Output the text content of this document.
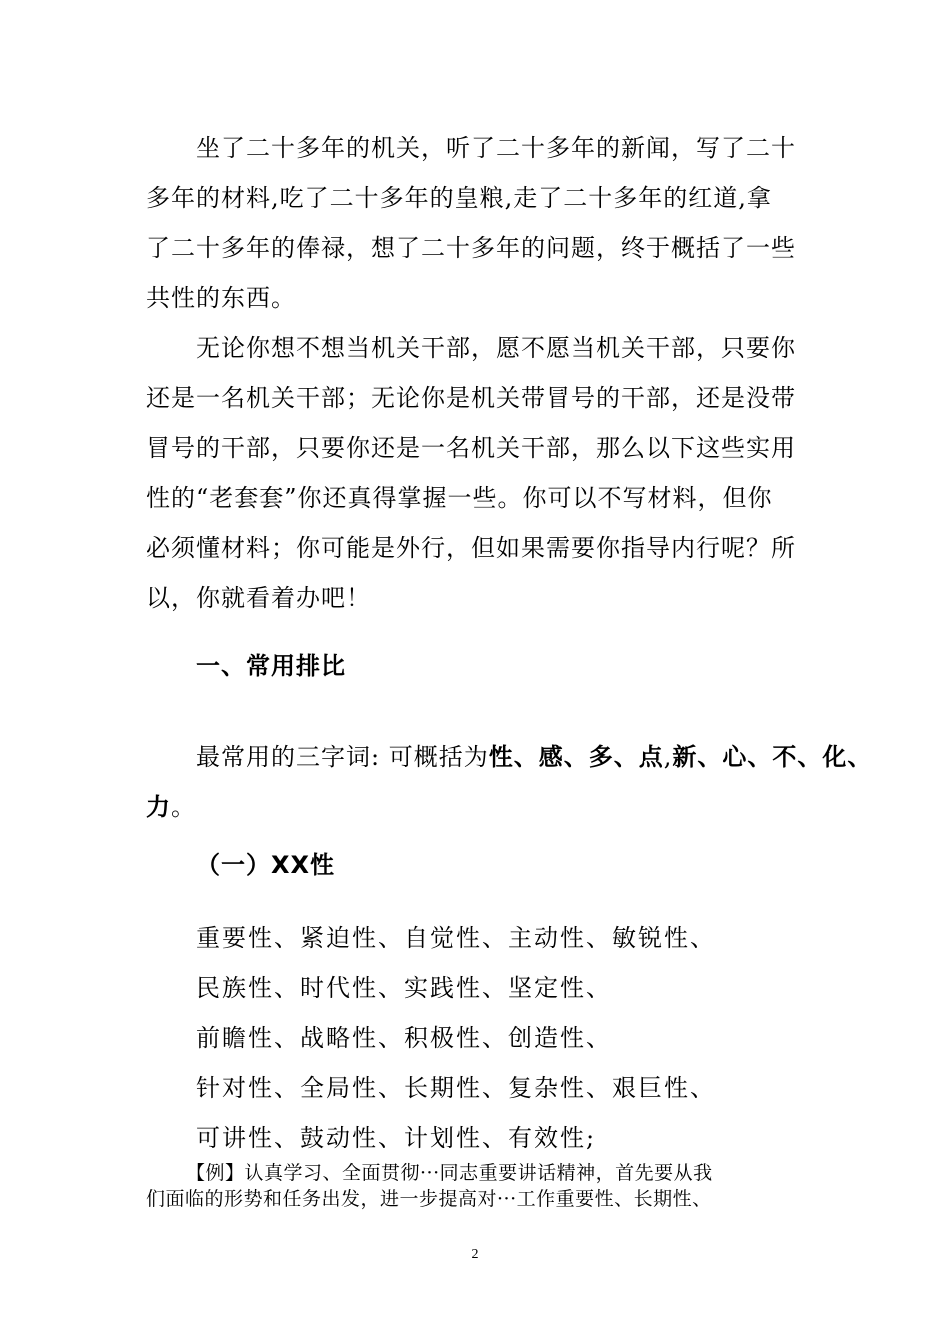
坐了二十多年的机关，听了二十多年的新闻，写了二十
多年的材料,吃了二十多年的皇粮,走了二十多年的红道,拿
了二十多年的俸禄，想了二十多年的问题，终于概括了一些
共性的东西。
无论你想不想当机关干部，愿不愿当机关干部，只要你
还是一名机关干部；无论你是机关带冒号的干部，还是没带
冒号的干部，只要你还是一名机关干部，那么以下这些实用
性的“老套套”你还真得掌握一些。你可以不写材料，但你
必须懂材料；你可能是外行，但如果需要你指导内行呢？所
以，你就看着办吧！
一、常用排比
最常用的三字词: 可概括为性、感、多、点,新、心、不、化、
力。
（一）XX性
重要性、紧迫性、自觉性、主动性、敏锐性、
民族性、时代性、实践性、坚定性、
前瞻性、战略性、积极性、创造性、
针对性、全局性、长期性、复杂性、艰巨性、
可讲性、鼓动性、计划性、有效性;
【例】认真学习、全面贯彻···同志重要讲话精神，首先要从我
们面临的形势和任务出发，进一步提高对···工作重要性、长期性、
2
